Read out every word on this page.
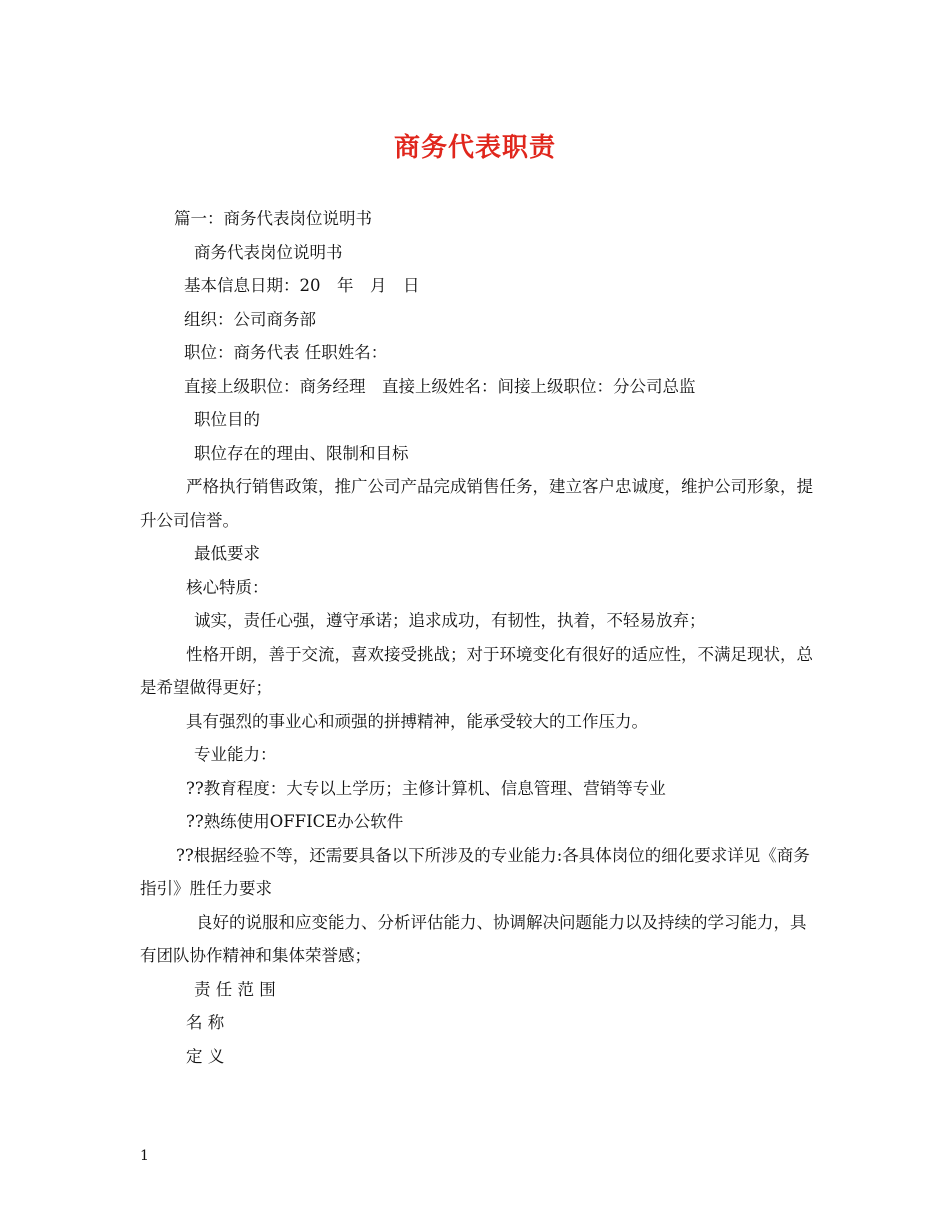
商务代表职责
篇一：商务代表岗位说明书
商务代表岗位说明书
基本信息日期：20　年　月　日
组织：公司商务部
职位：商务代表 任职姓名：
直接上级职位：商务经理　直接上级姓名：间接上级职位：分公司总监
职位目的
职位存在的理由、限制和目标
严格执行销售政策，推广公司产品完成销售任务，建立客户忠诚度，维护公司形象，提升公司信誉。
最低要求
核心特质：
诚实，责任心强，遵守承诺；追求成功，有韧性，执着，不轻易放弃；
性格开朗，善于交流，喜欢接受挑战；对于环境变化有很好的适应性，不满足现状，总是希望做得更好；
具有强烈的事业心和顽强的拼搏精神，能承受较大的工作压力。
专业能力：
??教育程度：大专以上学历；主修计算机、信息管理、营销等专业
??熟练使用OFFICE办公软件
??根据经验不等，还需要具备以下所涉及的专业能力:各具体岗位的细化要求详见《商务指引》胜任力要求
良好的说服和应变能力、分析评估能力、协调解决问题能力以及持续的学习能力，具有团队协作精神和集体荣誉感；
责 任 范 围
名 称
定 义
1
